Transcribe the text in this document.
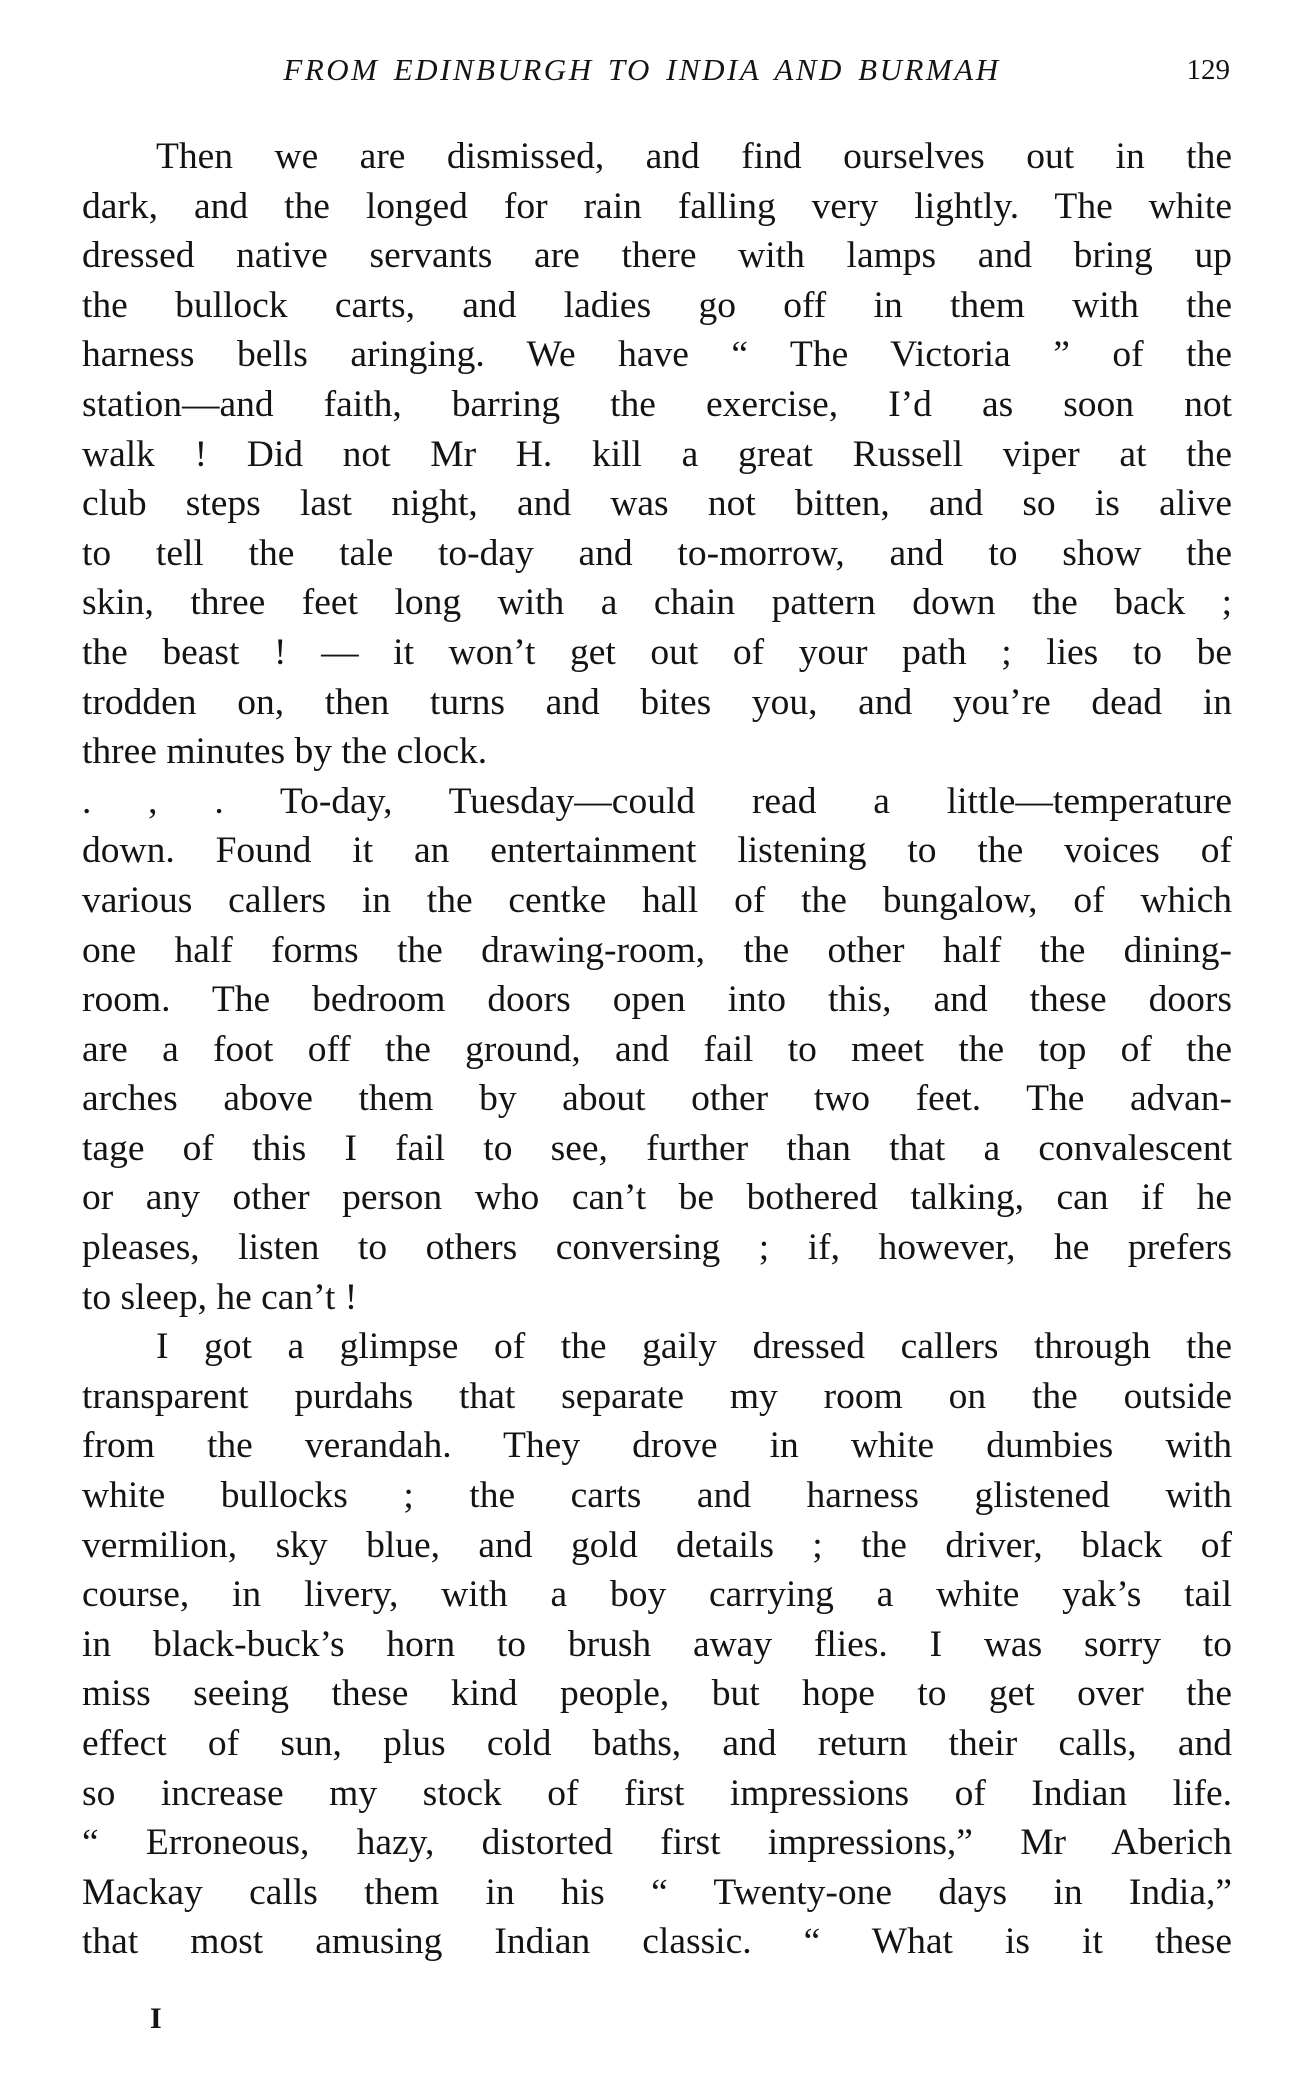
FROM EDINBURGH TO INDIA AND BURMAH	129
Then we are dismissed, and find ourselves out in the
dark, and the longed for rain falling very lightly. The white
dressed native servants are there with lamps and bring up
the bullock carts, and ladies go off in them with the
harness bells aringing. We have “ The Victoria ” of the
station—and faith, barring the exercise, I’d as soon not
walk ! Did not Mr H. kill a great Russell viper at the
club steps last night, and was not bitten, and so is alive
to tell the tale to-day and to-morrow, and to show the
skin, three feet long with a chain pattern down the back ;
the beast ! — it won’t get out of your path ; lies to be
trodden on, then turns and bites you, and you’re dead in
three minutes by the clock.
. , . To-day, Tuesday—could read a little—temperature
down. Found it an entertainment listening to the voices of
various callers in the centke hall of the bungalow, of which
one half forms the drawing-room, the other half the dining-
room. The bedroom doors open into this, and these doors
are a foot off the ground, and fail to meet the top of the
arches above them by about other two feet. The advan-
tage of this I fail to see, further than that a convalescent
or any other person who can’t be bothered talking, can if he
pleases, listen to others conversing ; if, however, he prefers
to sleep, he can’t !
I got a glimpse of the gaily dressed callers through the
transparent purdahs that separate my room on the outside
from the verandah. They drove in white dumbies with
white bullocks ; the carts and harness glistened with
vermilion, sky blue, and gold details ; the driver, black of
course, in livery, with a boy carrying a white yak’s tail
in black-buck’s horn to brush away flies. I was sorry to
miss seeing these kind people, but hope to get over the
effect of sun, plus cold baths, and return their calls, and
so increase my stock of first impressions of Indian life.
“ Erroneous, hazy, distorted first impressions,” Mr Aberich
Mackay calls them in his “ Twenty-one days in India,”
that most amusing Indian classic. “ What is it these
I
